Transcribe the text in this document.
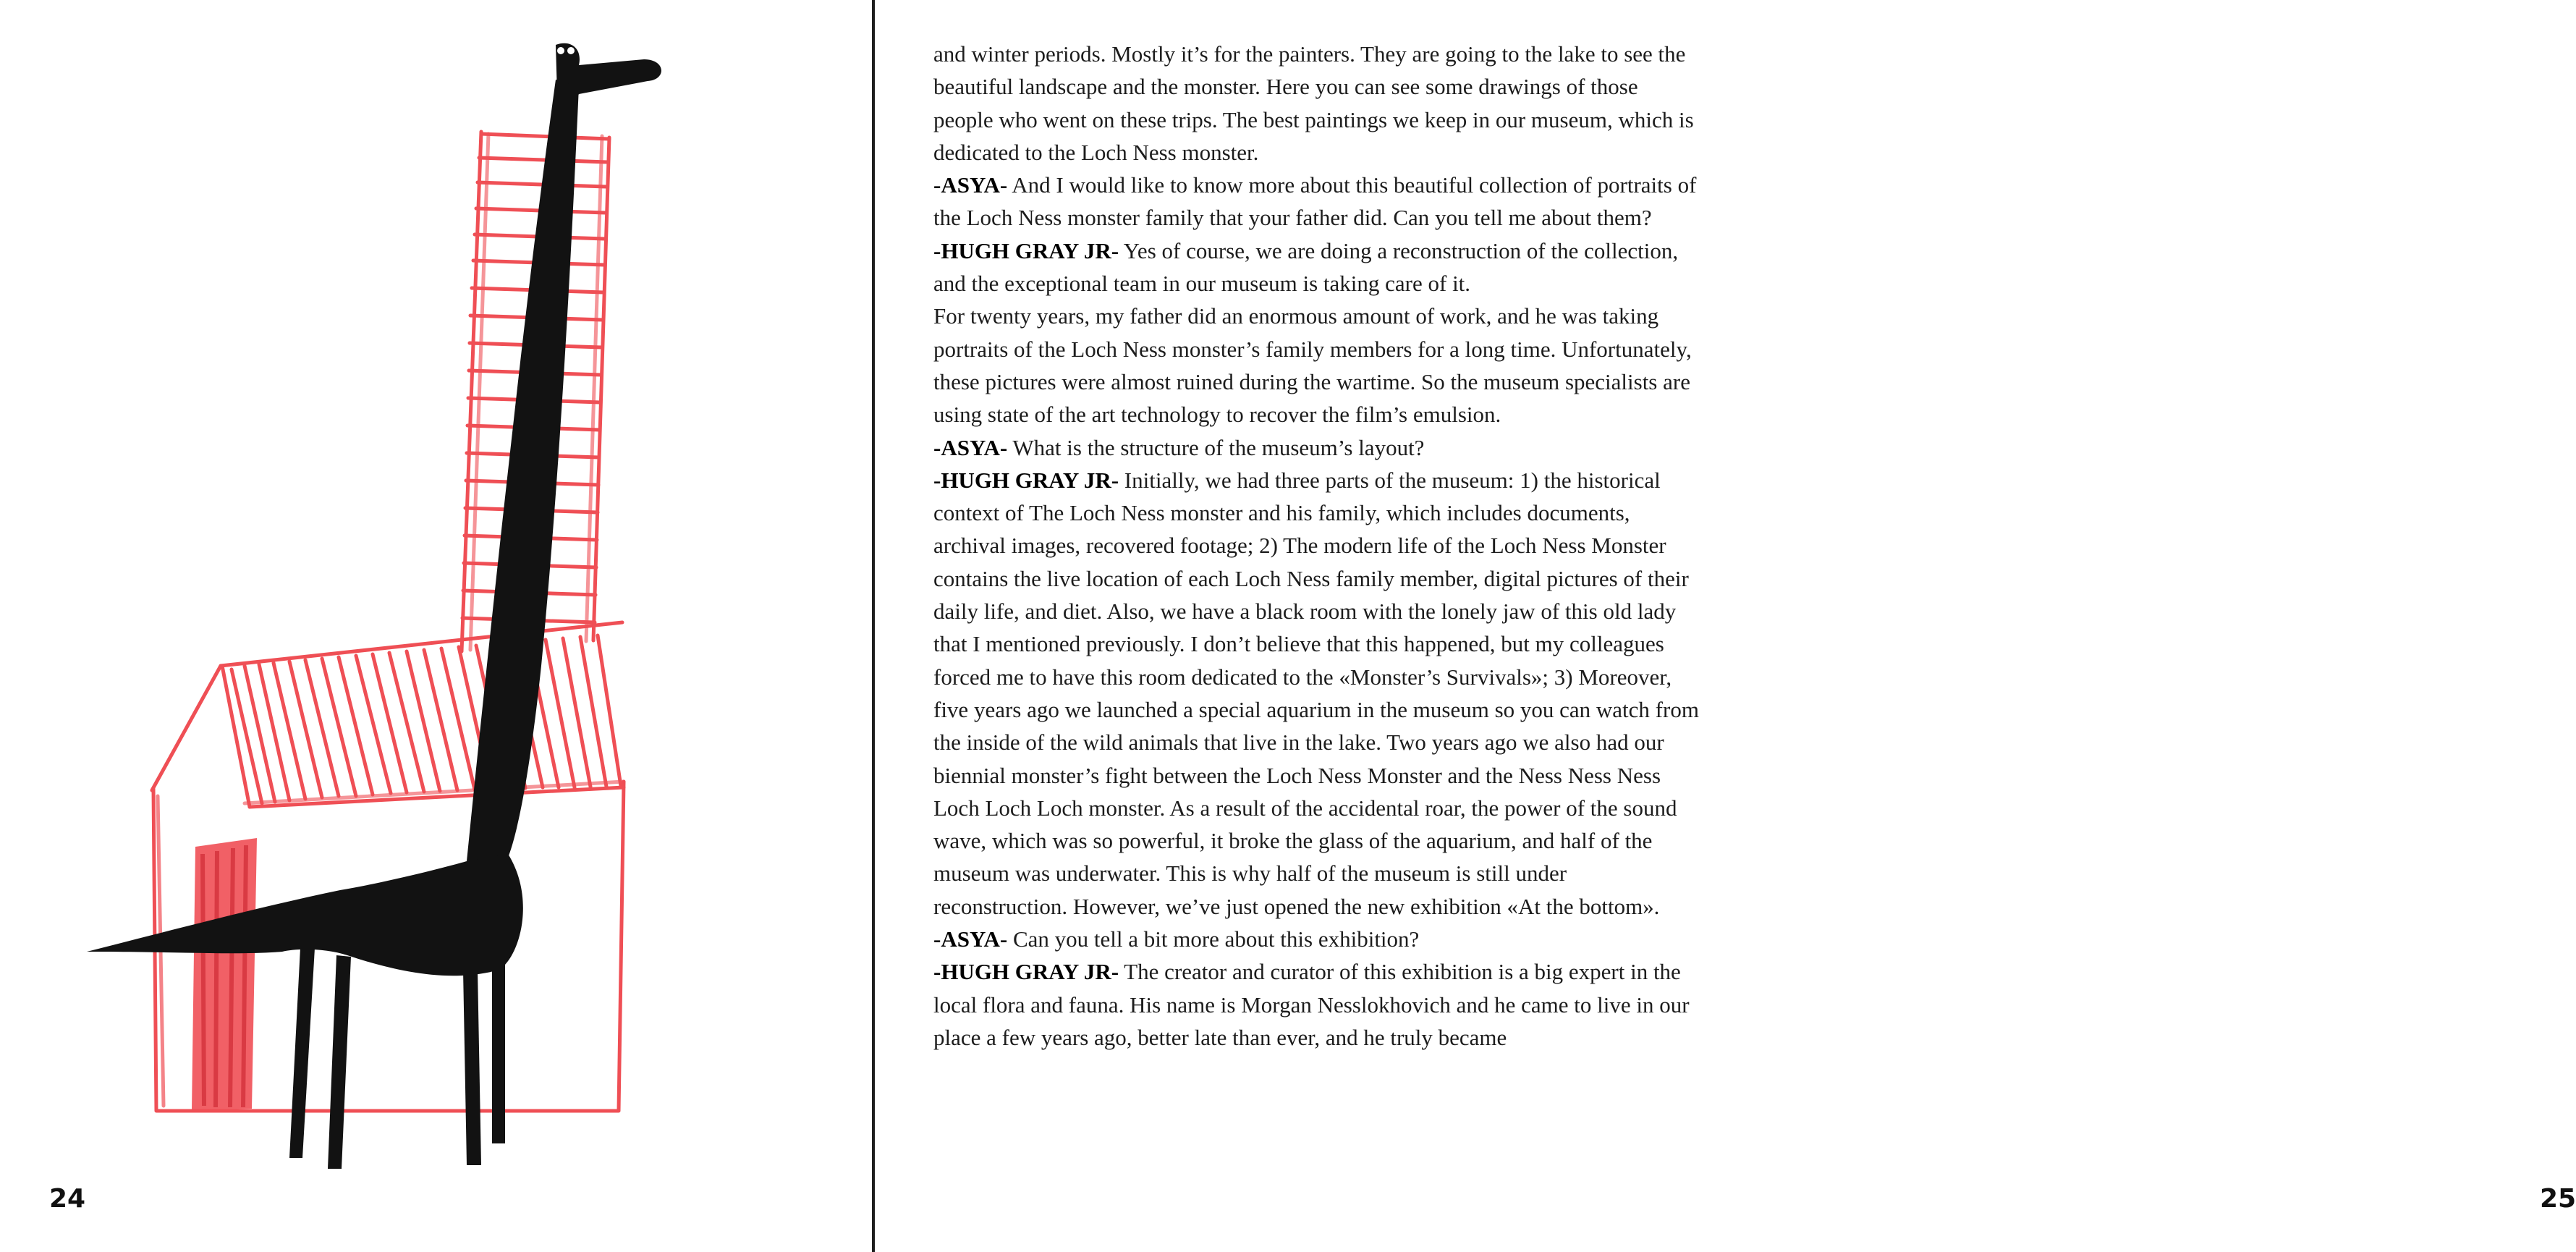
24	25

and winter periods. Mostly it’s for the painters. They are going to the lake to see the beautiful landscape and the monster. Here you can see some drawings of those people who went on these trips. The best paintings we keep in our museum, which is dedicated to the Loch Ness monster.

-ASYA- And I would like to know more about this beautiful collection of portraits of the Loch Ness monster family that your father did. Can you tell me about them?

-HUGH GRAY JR- Yes of course, we are doing a reconstruction of the collection, and the exceptional team in our museum is taking care of it.

For twenty years, my father did an enormous amount of work, and he was taking portraits of the Loch Ness monster’s family members for a long time. Unfortunately, these pictures were almost ruined during the wartime. So the museum specialists are using state of the art technology to recover the film’s emulsion.

-ASYA- What is the structure of the museum’s layout?

-HUGH GRAY JR- Initially, we had three parts of the museum: 1) the historical context of The Loch Ness monster and his family, which includes documents, archival images, recovered footage; 2) The modern life of the Loch Ness Monster contains the live location of each Loch Ness family member, digital pictures of their daily life, and diet. Also, we have a black room with the lonely jaw of this old lady that I mentioned previously. I don’t believe that this happened, but my colleagues forced me to have this room dedicated to the «Monster’s Survivals»; 3) Moreover, five years ago we launched a special aquarium in the museum so you can watch from the inside of the wild animals that live in the lake. Two years ago we also had our biennial monster’s fight between the Loch Ness Monster and the Ness Ness Ness Loch Loch Loch monster. As a result of the accidental roar, the power of the sound wave, which was so powerful, it broke the glass of the aquarium, and half of the museum was underwater. This is why half of the museum is still under reconstruction. However, we’ve just opened the new exhibition «At the bottom».

-ASYA- Can you tell a bit more about this exhibition?

-HUGH GRAY JR- The creator and curator of this exhibition is a big expert in the local flora and fauna. His name is Morgan Nesslokhovich and he came to live in our place a few years ago, better late than ever, and he truly became
